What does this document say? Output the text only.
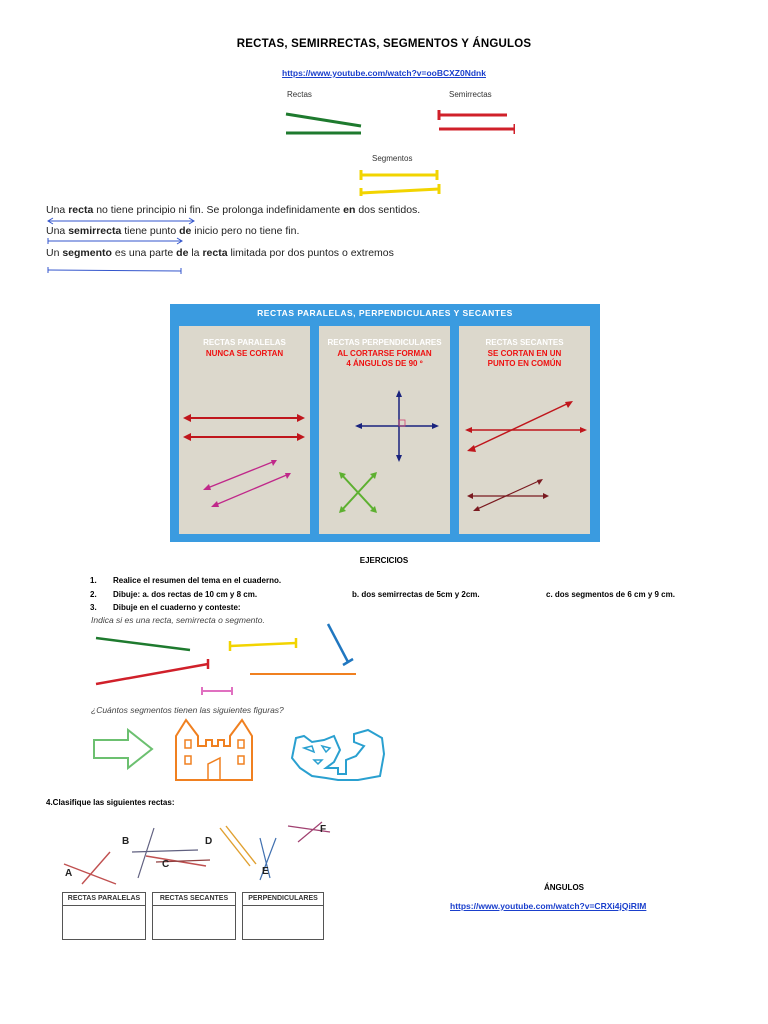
RECTAS, SEMIRRECTAS, SEGMENTOS Y ÁNGULOS
https://www.youtube.com/watch?v=ooBCXZ0Ndnk
Rectas	Semirrectas
Segmentos
Una recta no tiene principio ni fin. Se prolonga indefinidamente en dos sentidos.
Una semirrecta tiene punto de inicio pero no tiene fin.
Un segmento es una parte de la recta limitada por dos puntos o extremos
RECTAS PARALELAS, PERPENDICULARES Y SECANTES
RECTAS PARALELAS
NUNCA SE CORTAN
RECTAS PERPENDICULARES
AL CORTARSE FORMAN
4 ÁNGULOS DE 90 º
RECTAS SECANTES
SE CORTAN EN UN
PUNTO EN COMÚN
EJERCICIOS
1. Realice el resumen del tema en el cuaderno.
2. Dibuje: a. dos rectas de 10 cm y 8 cm.	b. dos semirrectas de 5cm y 2cm.	c. dos segmentos de 6 cm y 9 cm.
3. Dibuje en el cuaderno y conteste:
Indica si es una recta, semirrecta o segmento.
¿Cuántos segmentos tienen las siguientes figuras?
4.Clasifique las siguientes rectas:
A
B
C
D
E
F
RECTAS PARALELAS	RECTAS SECANTES	PERPENDICULARES
ÁNGULOS
https://www.youtube.com/watch?v=CRXi4jQiRIM
